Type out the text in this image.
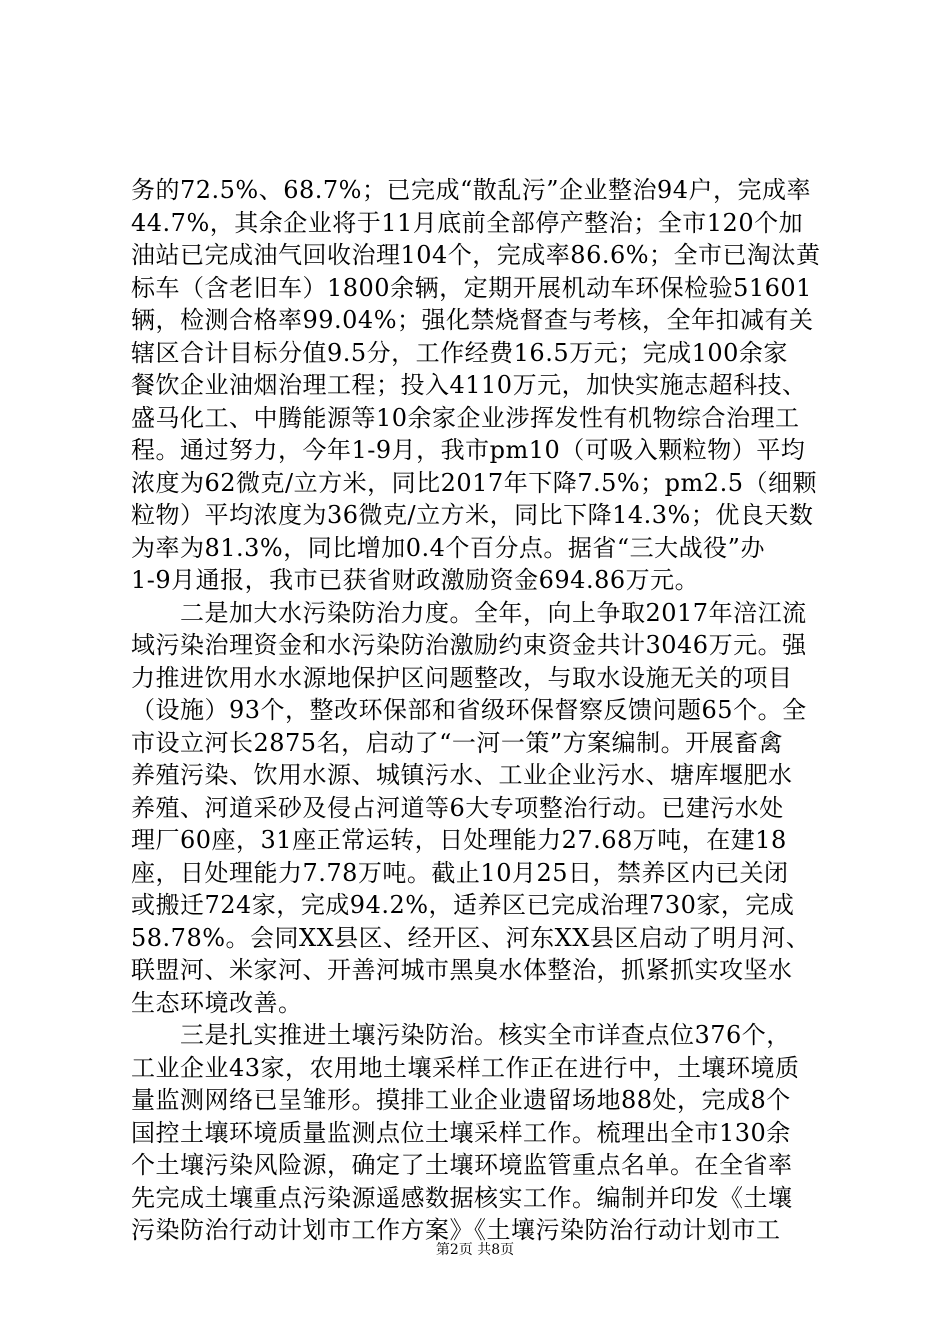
务的72.5%、68.7%；已完成“散乱污”企业整治94户，完成率
44.7%，其余企业将于11月底前全部停产整治；全市120个加
油站已完成油气回收治理104个，完成率86.6%；全市已淘汰黄
标车（含老旧车）1800余辆，定期开展机动车环保检验51601
辆，检测合格率99.04%；强化禁烧督查与考核，全年扣减有关
辖区合计目标分值9.5分，工作经费16.5万元；完成100余家
餐饮企业油烟治理工程；投入4110万元，加快实施志超科技、
盛马化工、中腾能源等10余家企业涉挥发性有机物综合治理工
程。通过努力，今年1-9月，我市pm10（可吸入颗粒物）平均
浓度为62微克/立方米，同比2017年下降7.5%；pm2.5（细颗
粒物）平均浓度为36微克/立方米，同比下降14.3%；优良天数
为率为81.3%，同比增加0.4个百分点。据省“三大战役”办
1-9月通报，我市已获省财政激励资金694.86万元。
　　二是加大水污染防治力度。全年，向上争取2017年涪江流
域污染治理资金和水污染防治激励约束资金共计3046万元。强
力推进饮用水水源地保护区问题整改，与取水设施无关的项目
（设施）93个，整改环保部和省级环保督察反馈问题65个。全
市设立河长2875名，启动了“一河一策”方案编制。开展畜禽
养殖污染、饮用水源、城镇污水、工业企业污水、塘库堰肥水
养殖、河道采砂及侵占河道等6大专项整治行动。已建污水处
理厂60座，31座正常运转，日处理能力27.68万吨，在建18
座，日处理能力7.78万吨。截止10月25日，禁养区内已关闭
或搬迁724家，完成94.2%，适养区已完成治理730家，完成
58.78%。会同XX县区、经开区、河东XX县区启动了明月河、
联盟河、米家河、开善河城市黑臭水体整治，抓紧抓实攻坚水
生态环境改善。
　　三是扎实推进土壤污染防治。核实全市详查点位376个，
工业企业43家，农用地土壤采样工作正在进行中，土壤环境质
量监测网络已呈雏形。摸排工业企业遗留场地88处，完成8个
国控土壤环境质量监测点位土壤采样工作。梳理出全市130余
个土壤污染风险源，确定了土壤环境监管重点名单。在全省率
先完成土壤重点污染源遥感数据核实工作。编制并印发《土壤
污染防治行动计划市工作方案》《土壤污染防治行动计划市工
第2页 共8页
